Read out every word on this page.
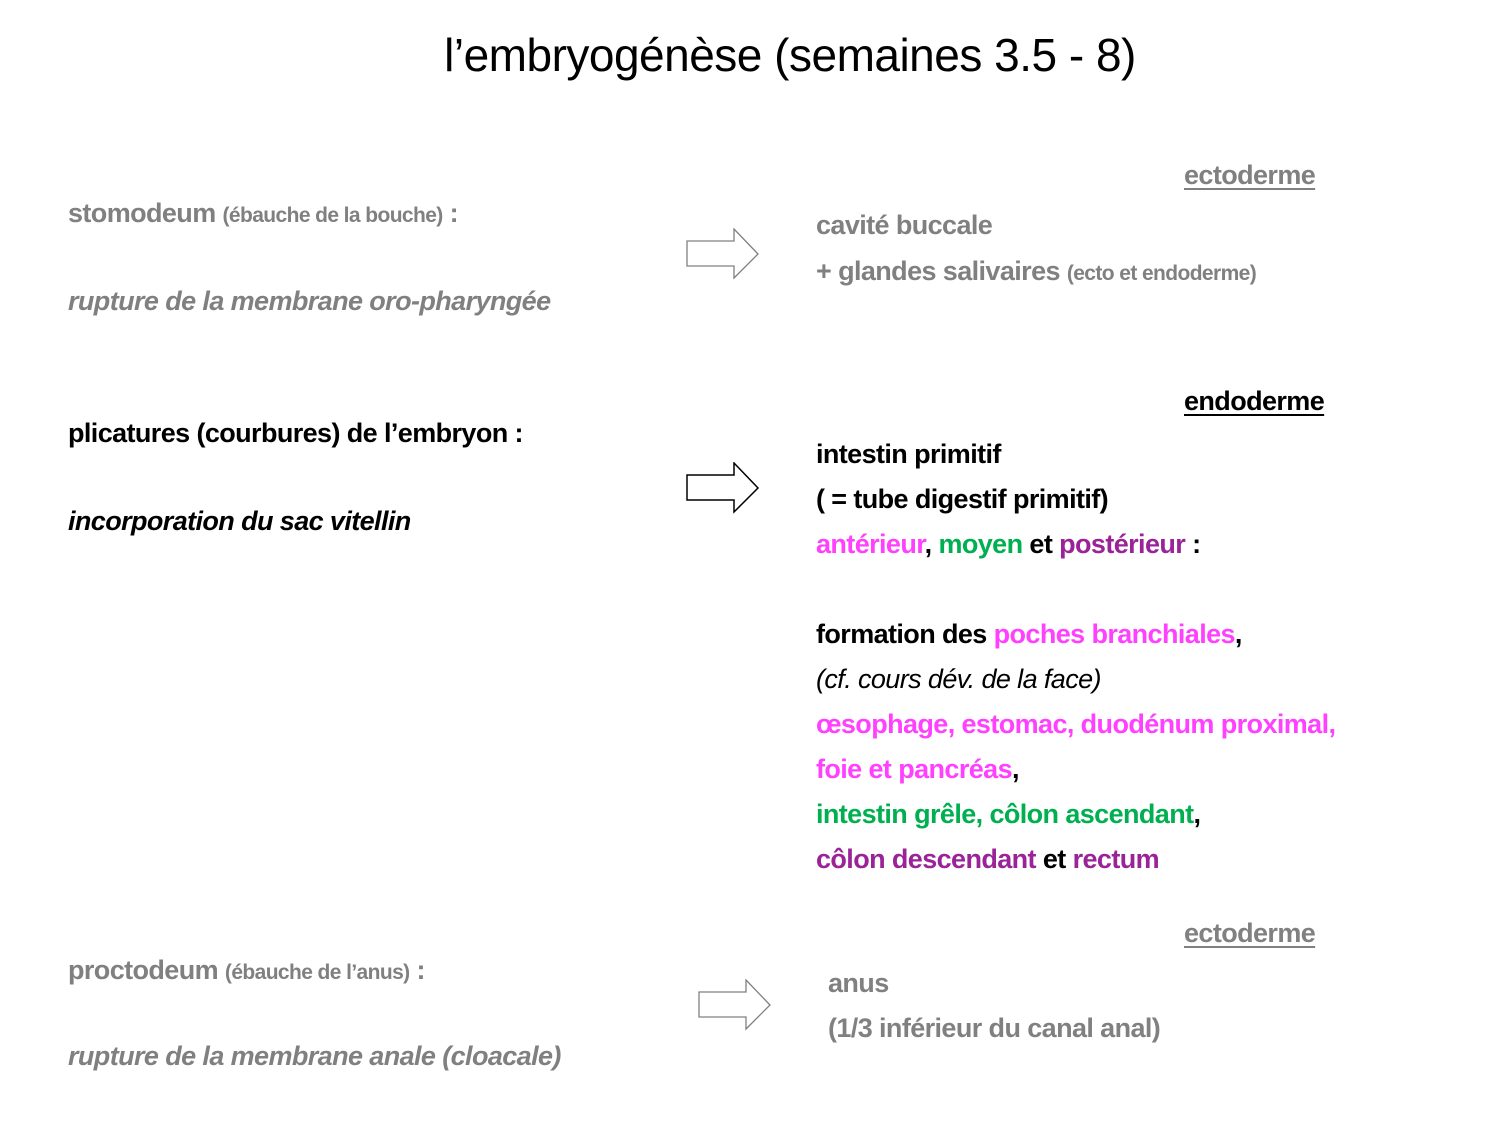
l’embryogénèse (semaines 3.5 - 8)
stomodeum (ébauche de la bouche) :
rupture de la membrane oro-pharyngée
ectoderme
cavité buccale
+ glandes salivaires (ecto et endoderme)
plicatures (courbures) de l’embryon :
incorporation du sac vitellin
endoderme
intestin primitif
( = tube digestif primitif)
antérieur, moyen et postérieur :
formation des poches branchiales,
(cf. cours dév. de la face)
œsophage, estomac, duodénum proximal,
foie et pancréas,
intestin grêle, côlon ascendant,
côlon descendant et rectum
proctodeum (ébauche de l’anus) :
rupture de la membrane anale (cloacale)
ectoderme
anus
(1/3 inférieur du canal anal)
